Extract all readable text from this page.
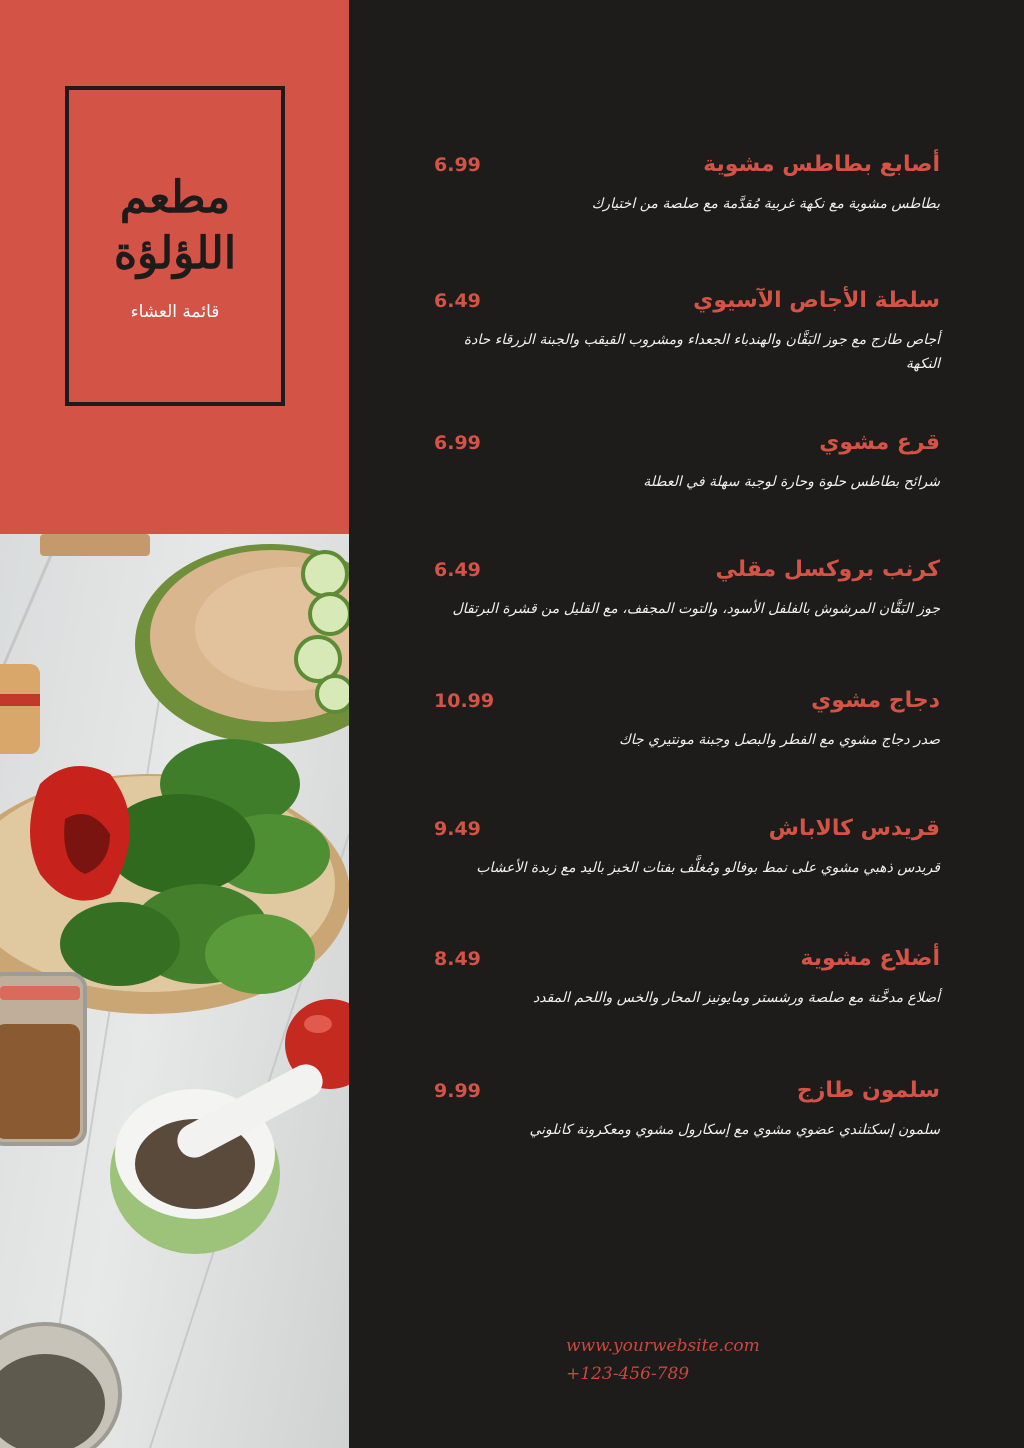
مطعم اللؤلؤة
قائمة العشاء
أصابع بطاطس مشوية
6.99
بطاطس مشوية مع نكهة غربية مُقدَّمة مع صلصة من اختيارك
سلطة الأجاص الآسيوي
6.49
أجاص طازج مع جوز البَقَّان والهندباء الجعداء ومشروب القيقب والجبنة الزرقاء حادة النكهة
قرع مشوي
6.99
شرائح بطاطس حلوة وحارة لوجبة سهلة في العطلة
كرنب بروكسل مقلي
6.49
جوز البَقَّان المرشوش بالفلفل الأسود، والتوت المجفف، مع القليل من قشرة البرتقال
دجاج مشوي
10.99
صدر دجاج مشوي مع الفطر والبصل وجبنة مونتيري جاك
قريدس كالاباش
9.49
قريدس ذهبي مشوي على نمط بوفالو ومُغلَّف بفتات الخبز باليد مع زبدة الأعشاب
أضلاع مشوية
8.49
أضلاع مدخَّنة مع صلصة ورشستر ومايونيز المحار والخس واللحم المقدد
سلمون طازج
9.99
سلمون إسكتلندي عضوي مشوي مع إسكارول مشوي ومعكرونة كانلوني
www.yourwebsite.com
+123-456-789
